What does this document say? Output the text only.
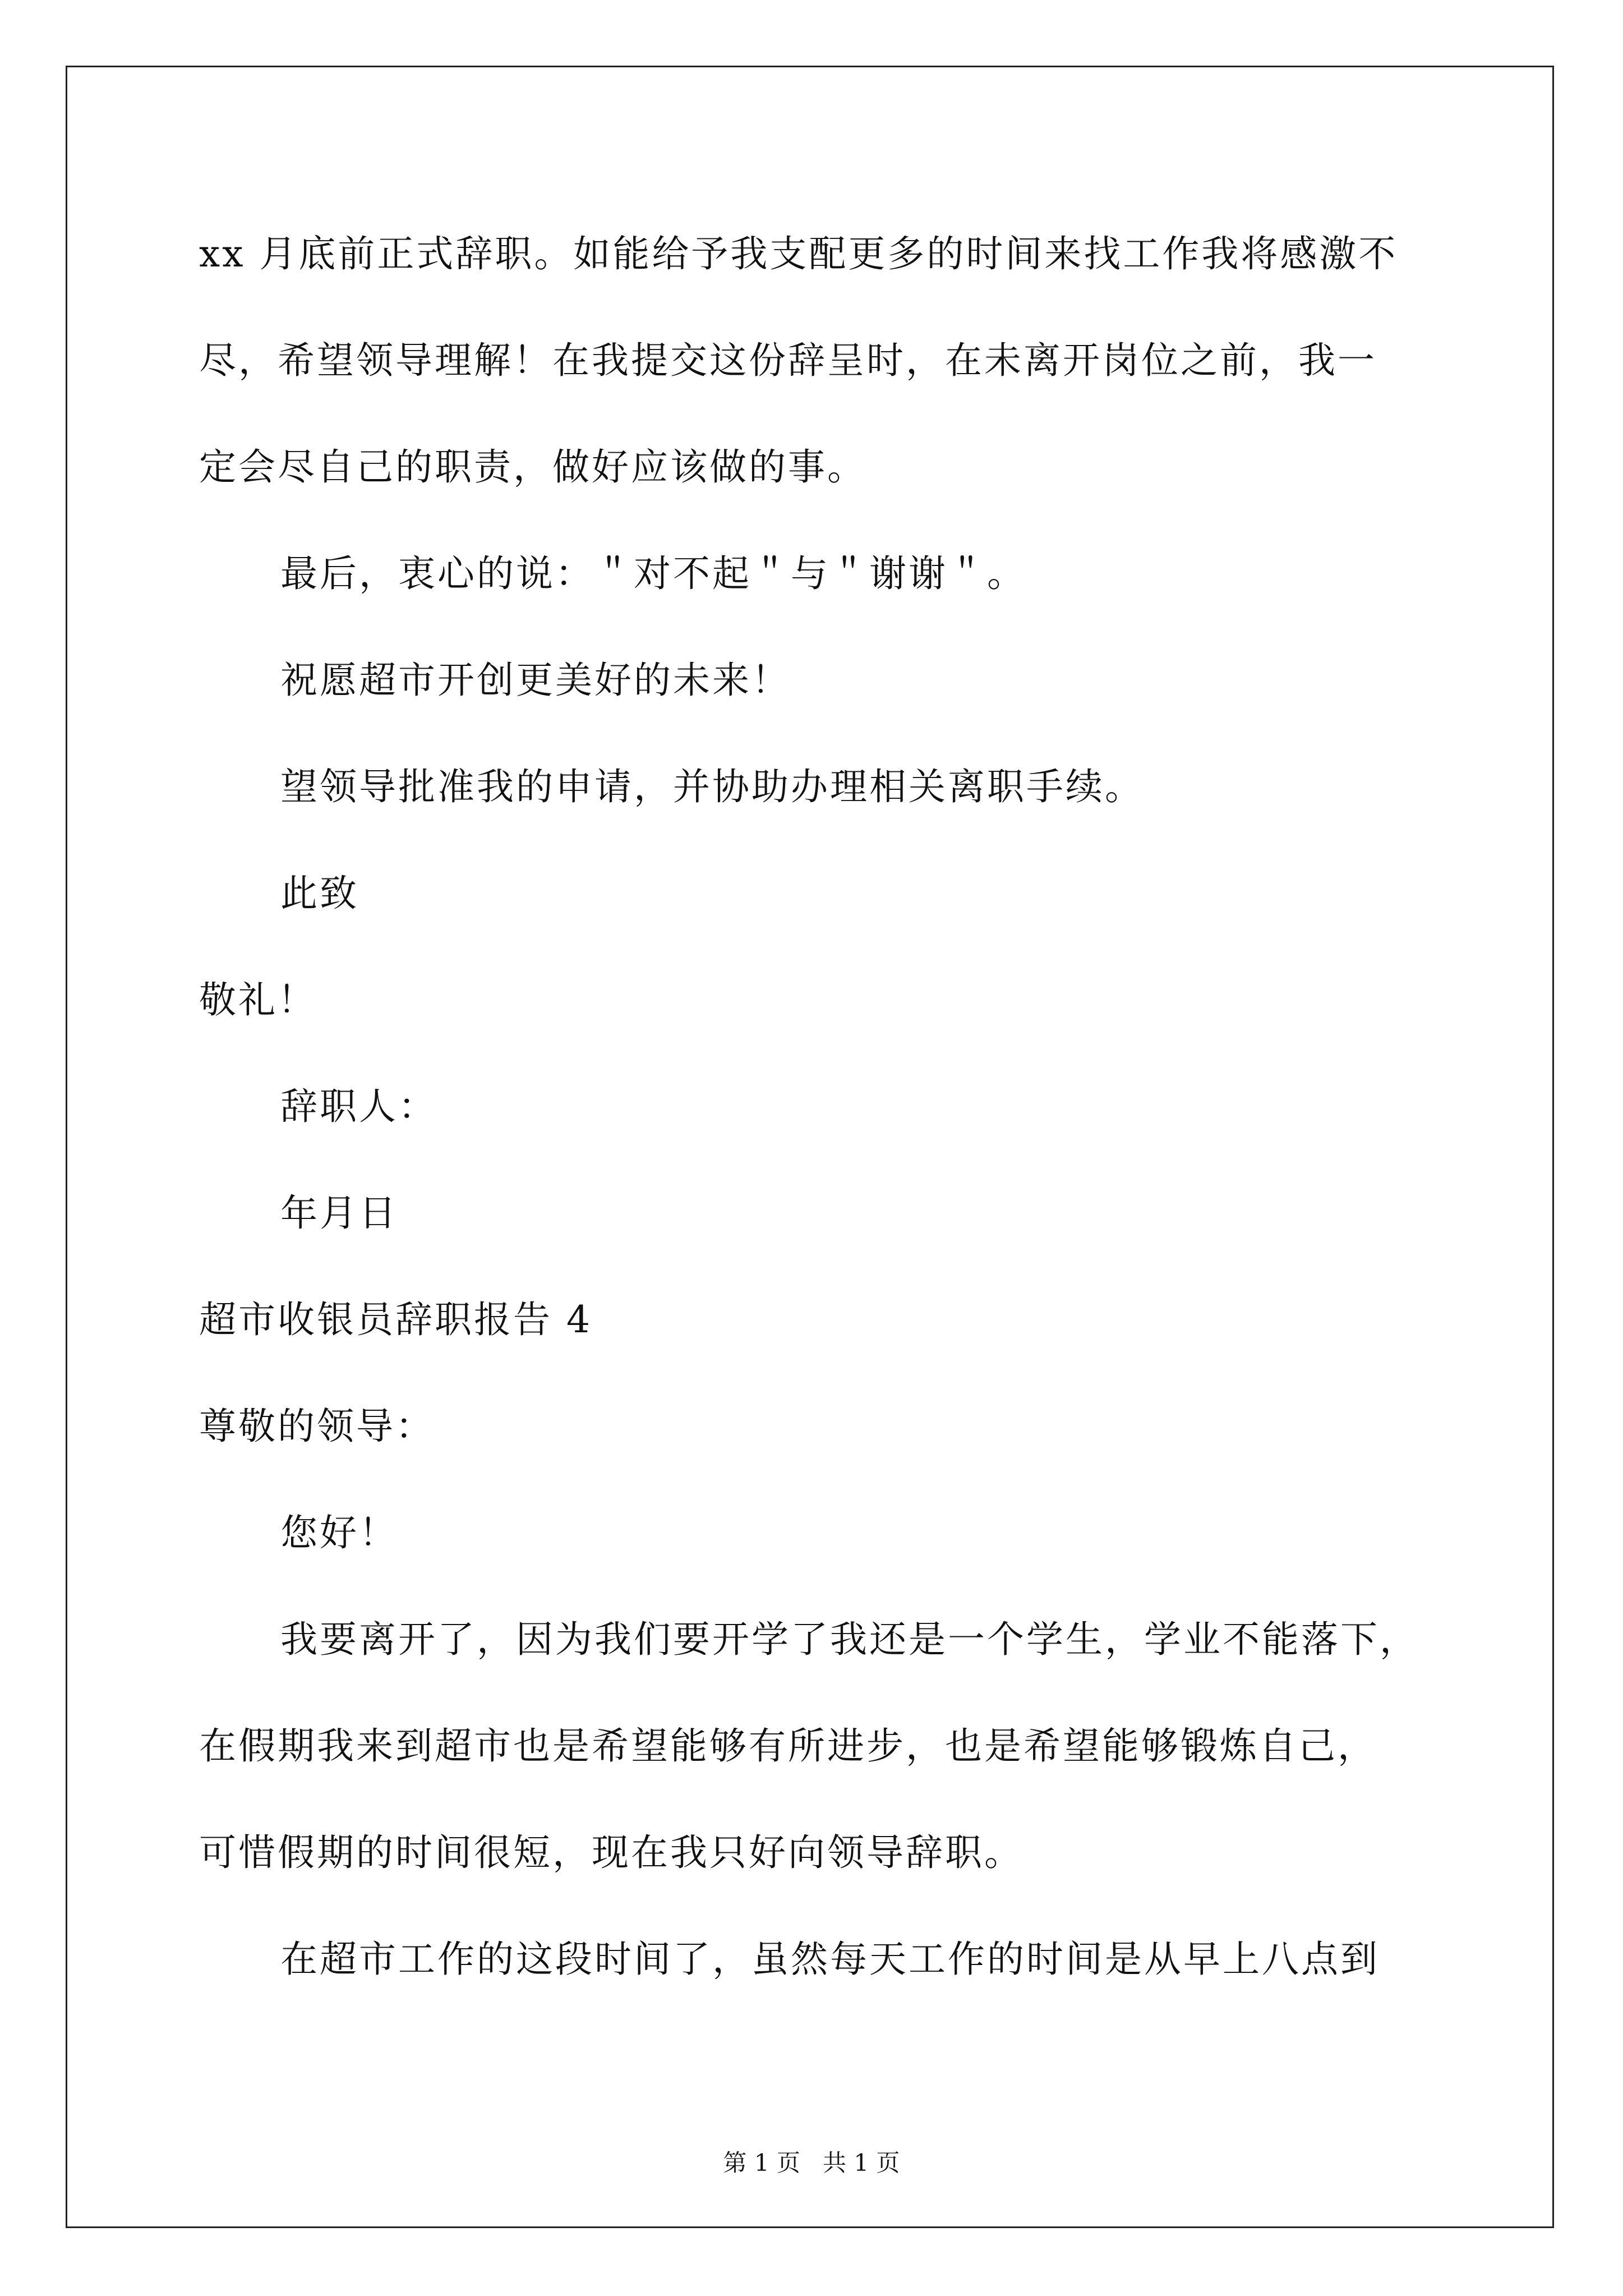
xx 月底前正式辞职。如能给予我支配更多的时间来找工作我将感激不
尽，希望领导理解！在我提交这份辞呈时，在未离开岗位之前，我一
定会尽自己的职责，做好应该做的事。
最后，衷心的说：＂对不起＂与＂谢谢＂。
祝愿超市开创更美好的未来！
望领导批准我的申请，并协助办理相关离职手续。
此致
敬礼！
辞职人：
年月日
超市收银员辞职报告 4
尊敬的领导：
您好！
我要离开了，因为我们要开学了我还是一个学生，学业不能落下，
在假期我来到超市也是希望能够有所进步，也是希望能够锻炼自己，
可惜假期的时间很短，现在我只好向领导辞职。
在超市工作的这段时间了，虽然每天工作的时间是从早上八点到
第 1 页   共 1 页
